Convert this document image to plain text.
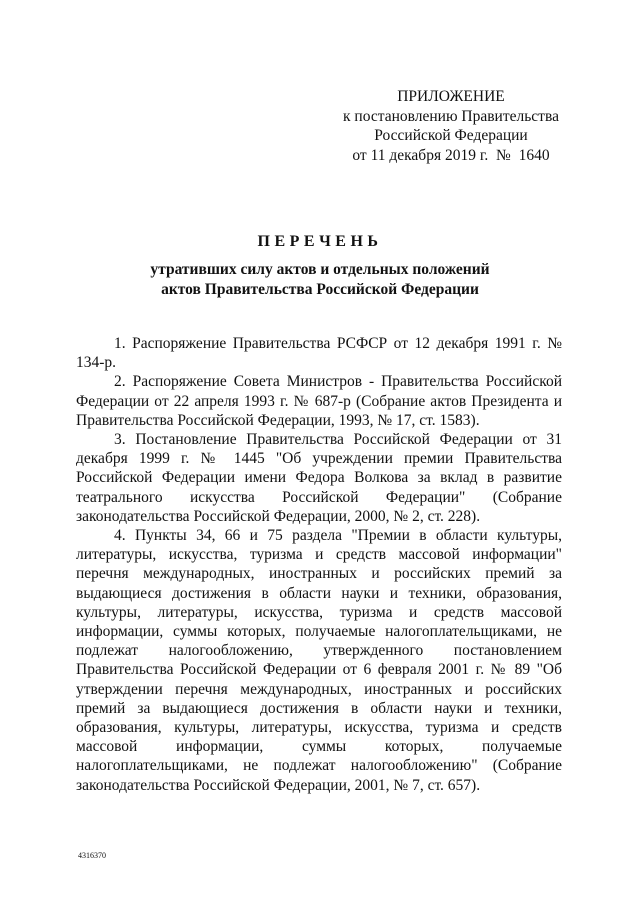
ПРИЛОЖЕНИЕ
к постановлению Правительства
Российской Федерации
от 11 декабря 2019 г.  №  1640
ПЕРЕЧЕНЬ
утративших силу актов и отдельных положений
актов Правительства Российской Федерации

1. Распоряжение Правительства РСФСР от 12 декабря 1991 г. № 134-р.

2. Распоряжение Совета Министров - Правительства Российской Федерации от 22 апреля 1993 г. № 687-р (Собрание актов Президента и Правительства Российской Федерации, 1993, № 17, ст. 1583).

3. Постановление Правительства Российской Федерации от 31 декабря 1999 г. № 1445 "Об учреждении премии Правительства Российской Федерации имени Федора Волкова за вклад в развитие театрального искусства Российской Федерации" (Собрание законодательства Российской Федерации, 2000, № 2, ст. 228).

4. Пункты 34, 66 и 75 раздела "Премии в области культуры, литературы, искусства, туризма и средств массовой информации" перечня международных, иностранных и российских премий за выдающиеся достижения в области науки и техники, образования, культуры, литературы, искусства, туризма и средств массовой информации, суммы которых, получаемые налогоплательщиками, не подлежат налогообложению, утвержденного постановлением Правительства Российской Федерации от 6 февраля 2001 г. № 89 "Об утверждении перечня международных, иностранных и российских премий за выдающиеся достижения в области науки и техники, образования, культуры, литературы, искусства, туризма и средств массовой информации, суммы которых, получаемые налогоплательщиками, не подлежат налогообложению" (Собрание законодательства Российской Федерации, 2001, № 7, ст. 657).

4316370
